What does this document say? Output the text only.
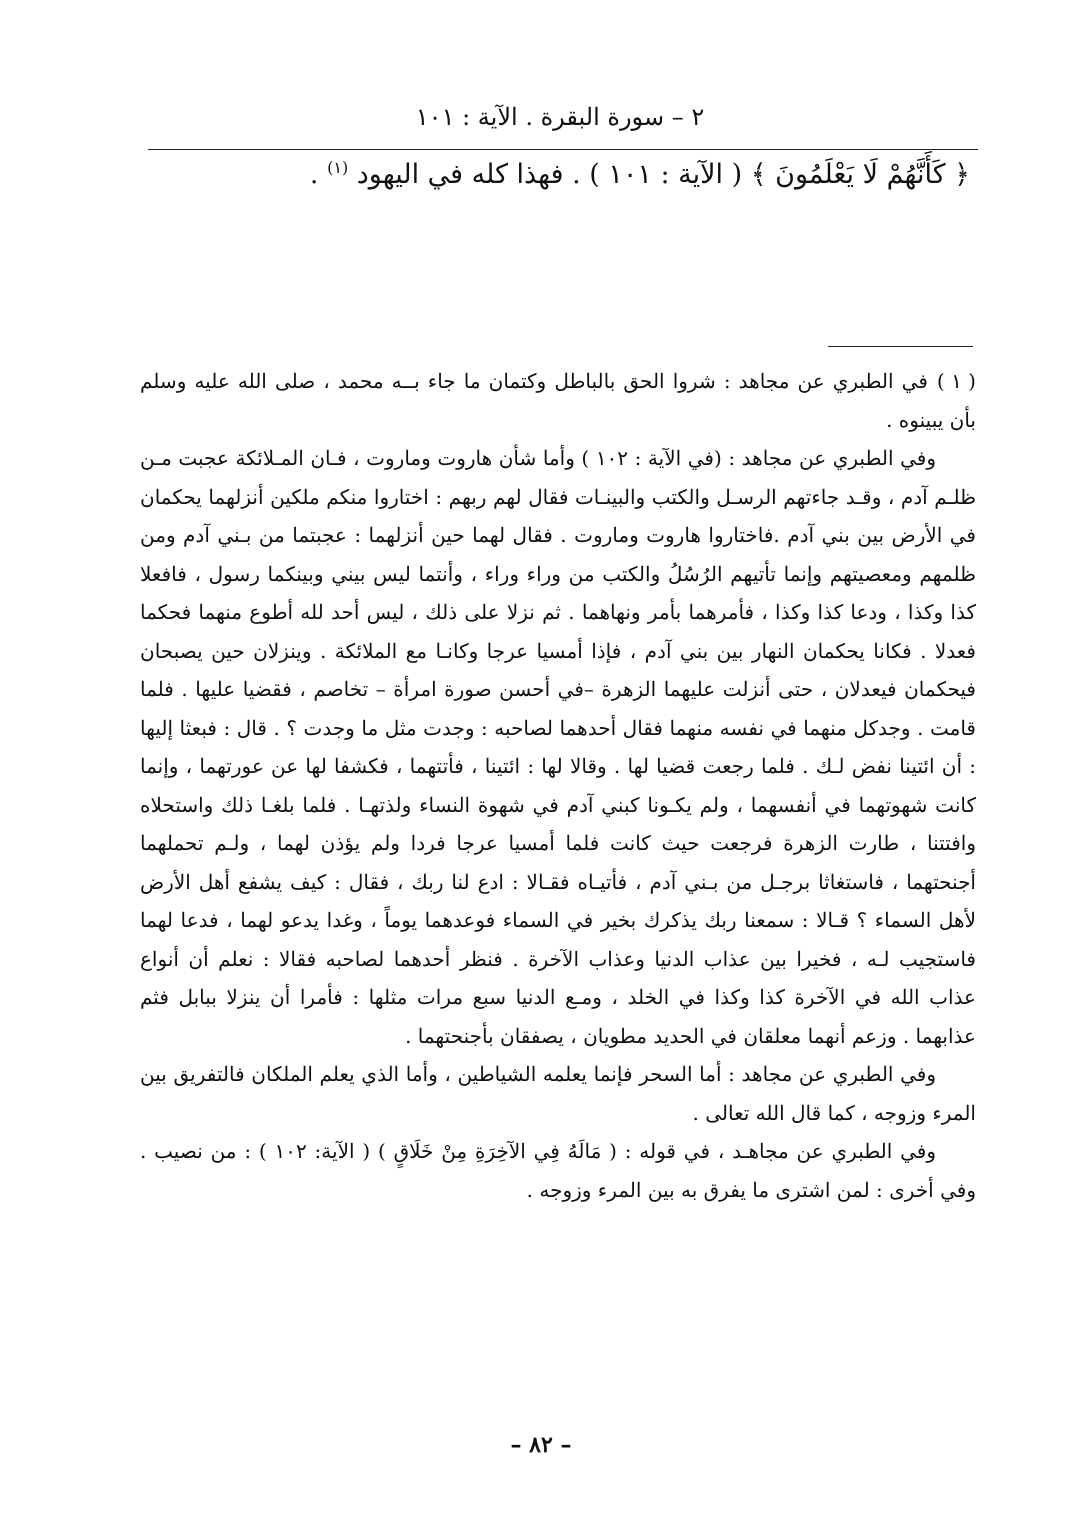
٢ – سورة البقرة . الآية : ١٠١
﴿ كَأَنَّهُمْ لَا يَعْلَمُونَ ﴾ ( الآية : ١٠١ ) . فهذا كله في اليهود $^{(١)}$ .

( ١ ) في الطبري عن مجاهد : شروا الحق بالباطل وكتمان ما جاء بــه محمد ، صلى الله عليه وسلم بأن يبينوه .

وفي الطبري عن مجاهد : (في الآية : ١٠٢ ) وأما شأن هاروت وماروت ، فـان المـلائكة عجبت مـن ظلـم آدم ، وقـد جاءتهم الرسـل والكتب والبينـات فقال لهم ربهم : اختاروا منكم ملكين أنزلهما يحكمان في الأرض بين بني آدم .فاختاروا هاروت وماروت . فقال لهما حين أنزلهما : عجبتما من بـني آدم ومن ظلمهم ومعصيتهم وإنما تأتيهم الرُسُلُ والكتب من وراء وراء ، وأنتما ليس بيني وبينكما رسول ، فافعلا كذا وكذا ، ودعا كذا وكذا ، فأمرهما بأمر ونهاهما . ثم نزلا على ذلك ، ليس أحد لله أطوع منهما فحكما فعدلا . فكانا يحكمان النهار بين بني آدم ، فإذا أمسيا عرجا وكانـا مع الملائكة . وينزلان حين يصبحان فيحكمان فيعدلان ، حتى أنزلت عليهما الزهرة –في أحسن صورة امرأة – تخاصم ، فقضيا عليها . فلما قامت . وجدكل منهما في نفسه منهما فقال أحدهما لصاحبه : وجدت مثل ما وجدت ؟ . قال : فبعثا إليها : أن ائتينا نفض لـك . فلما رجعت قضيا لها . وقالا لها : ائتينا ، فأتتهما ، فكشفا لها عن عورتهما ، وإنما كانت شهوتهما في أنفسهما ، ولم يكـونا كبني آدم في شهوة النساء ولذتهـا . فلما بلغـا ذلك واستحلاه وافتتنا ، طارت الزهرة فرجعت حيث كانت فلما أمسيا عرجا فردا ولم يؤذن لهما ، ولـم تحملهما أجنحتهما ، فاستغاثا برجـل من بـني آدم ، فأتيـاه فقـالا : ادع لنا ربك ، فقال : كيف يشفع أهل الأرض لأهل السماء ؟ قـالا : سمعنا ربك يذكرك بخير في السماء فوعدهما يوماً ، وغدا يدعو لهما ، فدعا لهما فاستجيب لـه ، فخيرا بين عذاب الدنيا وعذاب الآخرة . فنظر أحدهما لصاحبه فقالا : نعلم أن أنواع عذاب الله في الآخرة كذا وكذا في الخلد ، ومـع الدنيا سبع مرات مثلها : فأمرا أن ينزلا ببابل فثم عذابهما . وزعم أنهما معلقان في الحديد مطويان ، يصفقان بأجنحتهما .

وفي الطبري عن مجاهد : أما السحر فإنما يعلمه الشياطين ، وأما الذي يعلم الملكان فالتفريق بين المرء وزوجه ، كما قال الله تعالى .

وفي الطبري عن مجاهـد ، في قوله : ( مَالَهُ فِي الآخِرَةِ مِنْ خَلَاقٍ ) ( الآية: ١٠٢ ) : من نصيب . وفي أخرى : لمن اشترى ما يفرق به بين المرء وزوجه .

– ٨٢ –
